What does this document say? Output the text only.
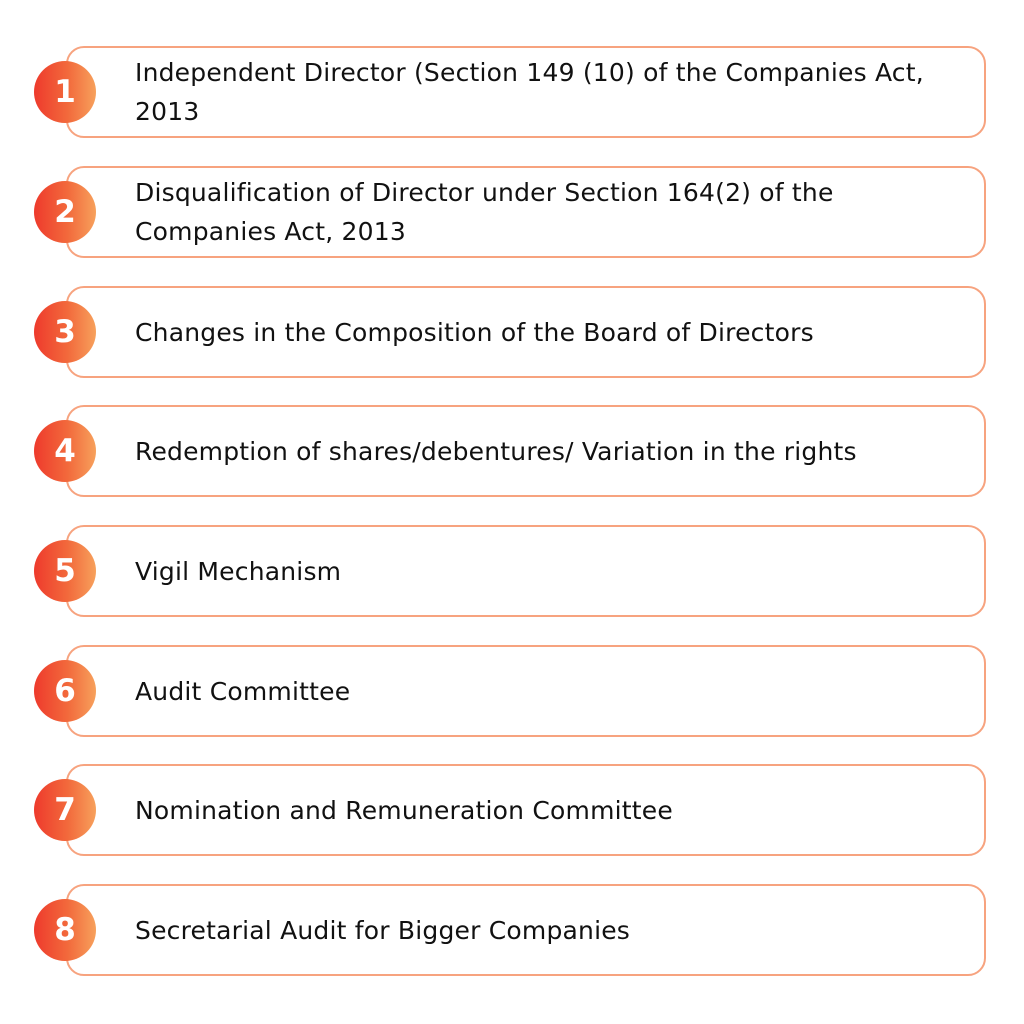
1
Independent Director (Section 149 (10) of the Companies Act, 2013
2
Disqualification of Director under Section 164(2) of the Companies Act, 2013
3	Changes in the Composition of the Board of Directors
4	Redemption of shares/debentures/ Variation in the rights
5	Vigil Mechanism
6	Audit Committee
7	Nomination and Remuneration Committee
8	Secretarial Audit for Bigger Companies
